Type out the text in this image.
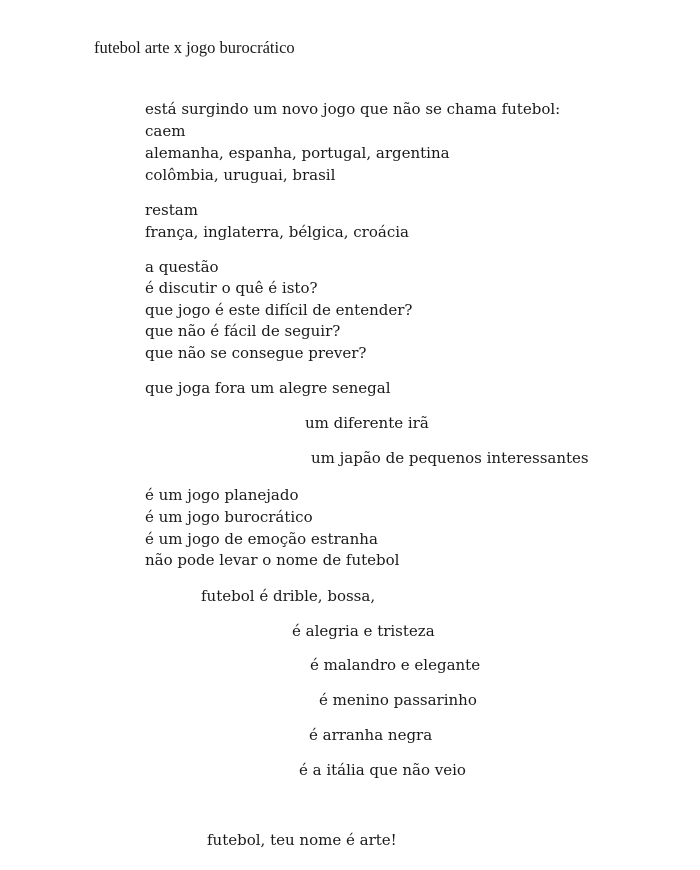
futebol arte x jogo burocrático
está surgindo um novo jogo que não se chama futebol:
caem
alemanha, espanha, portugal, argentina
colômbia, uruguai, brasil
restam
frança, inglaterra, bélgica, croácia
a questão
é discutir o quê é isto?
que jogo é este difícil de entender?
que não é fácil de seguir?
que não se consegue prever?
que joga fora um alegre senegal
um diferente irã
um japão de pequenos interessantes
é um jogo planejado
é um jogo burocrático
é um jogo de emoção estranha
não pode levar o nome de futebol
futebol é drible, bossa,
é alegria e tristeza
é malandro e elegante
é menino passarinho
é arranha negra
é a itália que não veio
futebol, teu nome é arte!
